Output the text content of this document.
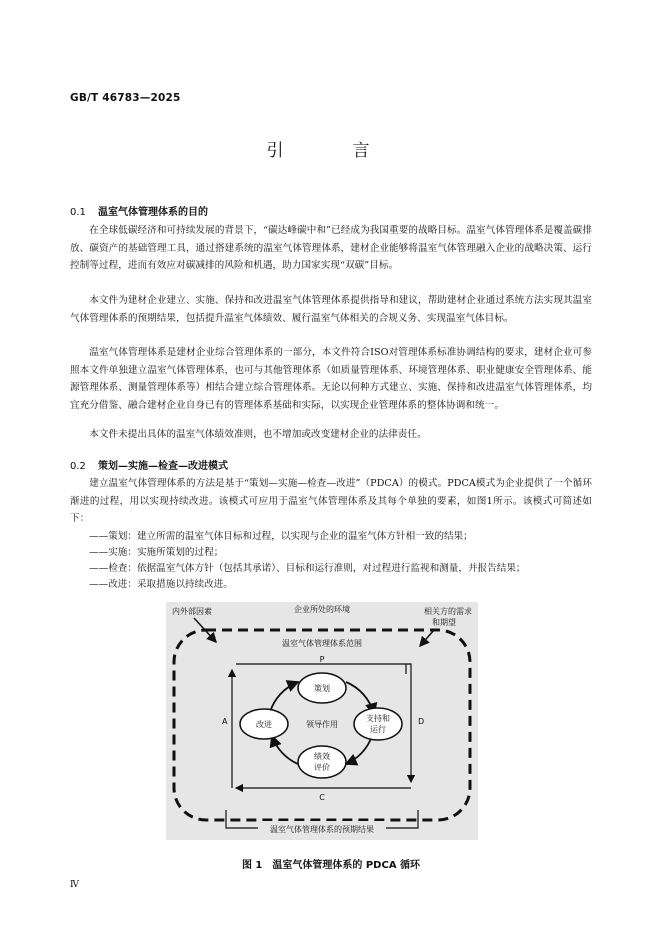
GB/T 46783—2025
引　言
0.1 温室气体管理体系的目的

在全球低碳经济和可持续发展的背景下，“碳达峰碳中和”已经成为我国重要的战略目标。温室气体管理体系是覆盖碳排放、碳资产的基础管理工具，通过搭建系统的温室气体管理体系，建材企业能够将温室气体管理融入企业的战略决策、运行控制等过程，进而有效应对碳减排的风险和机遇，助力国家实现“双碳”目标。

本文件为建材企业建立、实施、保持和改进温室气体管理体系提供指导和建议，帮助建材企业通过系统方法实现其温室气体管理体系的预期结果，包括提升温室气体绩效、履行温室气体相关的合规义务、实现温室气体目标。

温室气体管理体系是建材企业综合管理体系的一部分，本文件符合ISO对管理体系标准协调结构的要求，建材企业可参照本文件单独建立温室气体管理体系，也可与其他管理体系（如质量管理体系、环境管理体系、职业健康安全管理体系、能源管理体系、测量管理体系等）相结合建立综合管理体系。无论以何种方式建立、实施、保持和改进温室气体管理体系，均宜充分借鉴、融合建材企业自身已有的管理体系基础和实际，以实现企业管理体系的整体协调和统一。

本文件未提出具体的温室气体绩效准则，也不增加或改变建材企业的法律责任。

0.2 策划—实施—检查—改进模式

建立温室气体管理体系的方法是基于“策划—实施—检查—改进”（PDCA）的模式。PDCA模式为企业提供了一个循环渐进的过程，用以实现持续改进。该模式可应用于温室气体管理体系及其每个单独的要素，如图1所示。该模式可简述如下：

——策划：建立所需的温室气体目标和过程，以实现与企业的温室气体方针相一致的结果；

——实施：实施所策划的过程；

——检查：依据温室气体方针（包括其承诺）、目标和运行准则，对过程进行监视和测量，并报告结果；

——改进：采取措施以持续改进。

企业所处的环境
内外部因素	相关方的需求
和期望
温室气体管理体系范围
P
D
C
A
策划
改进	领导作用
支持和
运行
绩效
评价
温室气体管理体系的预期结果
图 1　温室气体管理体系的 PDCA 循环
Ⅳ
